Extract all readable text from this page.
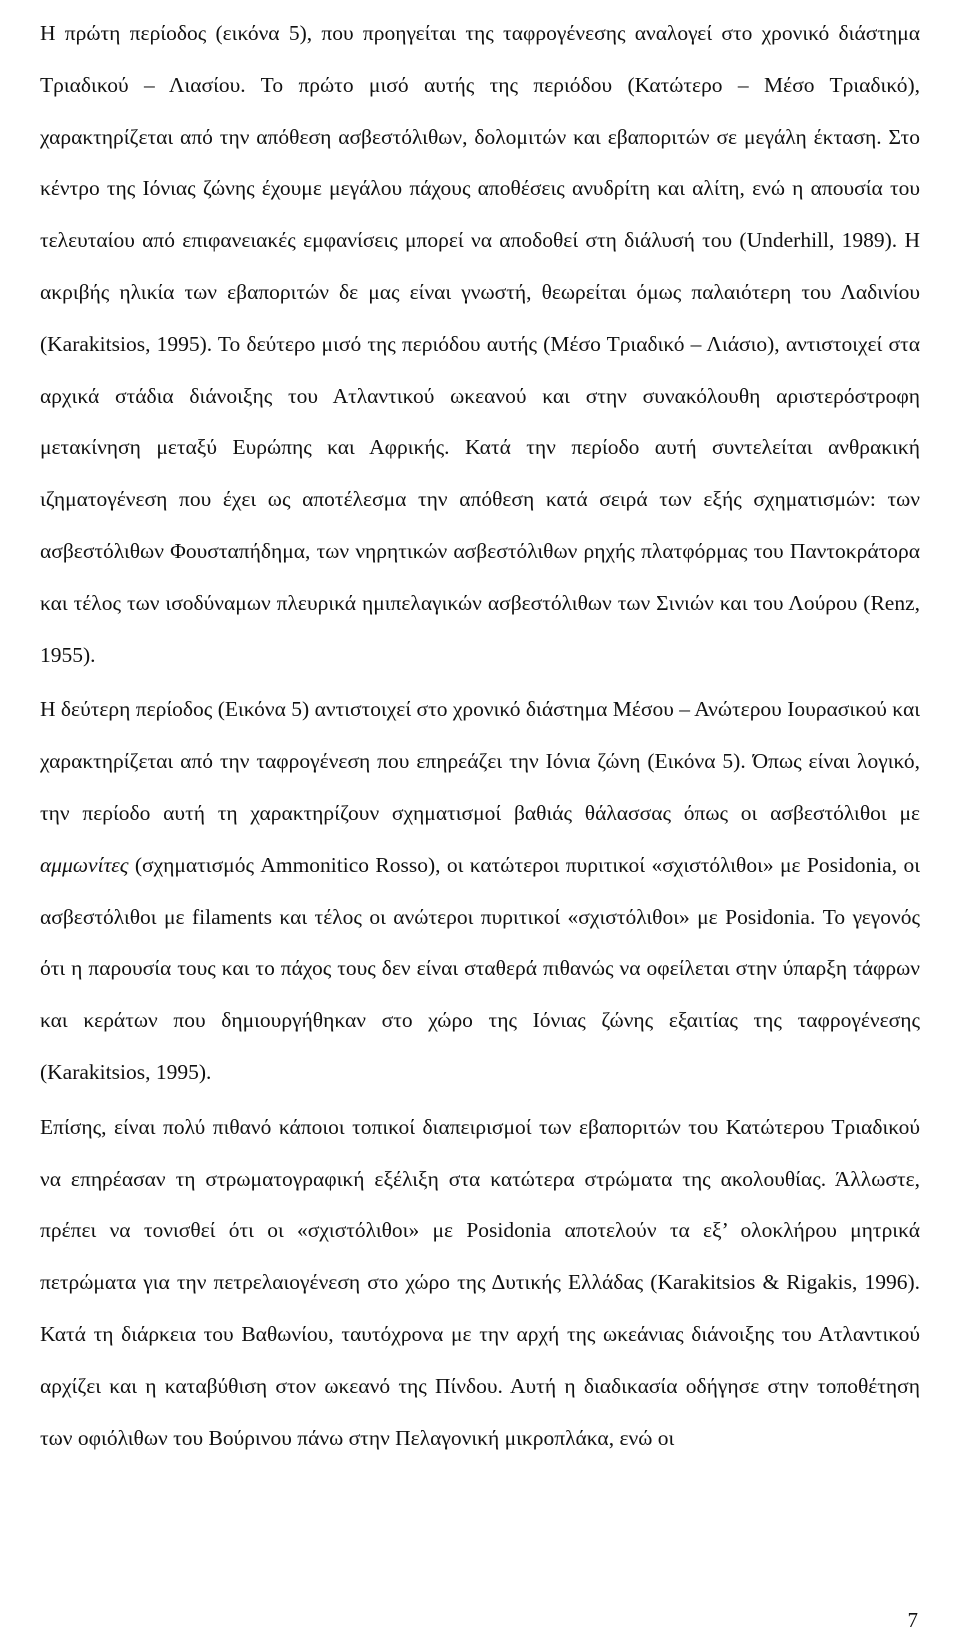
Η πρώτη περίοδος (εικόνα 5), που προηγείται της ταφρογένεσης αναλογεί στο χρονικό διάστημα Τριαδικού – Λιασίου. Το πρώτο μισό αυτής της περιόδου (Κατώτερο – Μέσο Τριαδικό), χαρακτηρίζεται από την απόθεση ασβεστόλιθων, δολομιτών και εβαποριτών σε μεγάλη έκταση. Στο κέντρο της Ιόνιας ζώνης έχουμε μεγάλου πάχους αποθέσεις ανυδρίτη και αλίτη, ενώ η απουσία του τελευταίου από επιφανειακές εμφανίσεις μπορεί να αποδοθεί στη διάλυσή του (Underhill, 1989). Η ακριβής ηλικία των εβαποριτών δε μας είναι γνωστή, θεωρείται όμως παλαιότερη του Λαδινίου (Karakitsios, 1995). Το δεύτερο μισό της περιόδου αυτής (Μέσο Τριαδικό – Λιάσιο), αντιστοιχεί στα αρχικά στάδια διάνοιξης του Ατλαντικού ωκεανού και στην συνακόλουθη αριστερόστροφη μετακίνηση μεταξύ Ευρώπης και Αφρικής. Κατά την περίοδο αυτή συντελείται ανθρακική ιζηματογένεση που έχει ως αποτέλεσμα την απόθεση κατά σειρά των εξής σχηματισμών: των ασβεστόλιθων Φουσταπήδημα, των νηρητικών ασβεστόλιθων ρηχής πλατφόρμας του Παντοκράτορα και τέλος των ισοδύναμων πλευρικά ημιπελαγικών ασβεστόλιθων των Σινιών και του Λούρου (Renz, 1955).

Η δεύτερη περίοδος (Εικόνα 5) αντιστοιχεί στο χρονικό διάστημα Μέσου – Ανώτερου Ιουρασικού και χαρακτηρίζεται από την ταφρογένεση που επηρεάζει την Ιόνια ζώνη (Εικόνα 5). Όπως είναι λογικό, την περίοδο αυτή τη χαρακτηρίζουν σχηματισμοί βαθιάς θάλασσας όπως οι ασβεστόλιθοι με αμμωνίτες (σχηματισμός Ammonitico Rosso), οι κατώτεροι πυριτικοί «σχιστόλιθοι» με Posidonia, οι ασβεστόλιθοι με filaments και τέλος οι ανώτεροι πυριτικοί «σχιστόλιθοι» με Posidonia. Το γεγονός ότι η παρουσία τους και το πάχος τους δεν είναι σταθερά πιθανώς να οφείλεται στην ύπαρξη τάφρων και κεράτων που δημιουργήθηκαν στο χώρο της Ιόνιας ζώνης εξαιτίας της ταφρογένεσης (Karakitsios, 1995).

Επίσης, είναι πολύ πιθανό κάποιοι τοπικοί διαπειρισμοί των εβαποριτών του Κατώτερου Τριαδικού να επηρέασαν τη στρωματογραφική εξέλιξη στα κατώτερα στρώματα της ακολουθίας. Άλλωστε, πρέπει να τονισθεί ότι οι «σχιστόλιθοι» με Posidonia αποτελούν τα εξ’ ολοκλήρου μητρικά πετρώματα για την πετρελαιογένεση στο χώρο της Δυτικής Ελλάδας (Karakitsios & Rigakis, 1996). Κατά τη διάρκεια του Βαθωνίου, ταυτόχρονα με την αρχή της ωκεάνιας διάνοιξης του Ατλαντικού αρχίζει και η καταβύθιση στον ωκεανό της Πίνδου. Αυτή η διαδικασία οδήγησε στην τοποθέτηση των οφιόλιθων του Βούρινου πάνω στην Πελαγονική μικροπλάκα, ενώ οι

7
